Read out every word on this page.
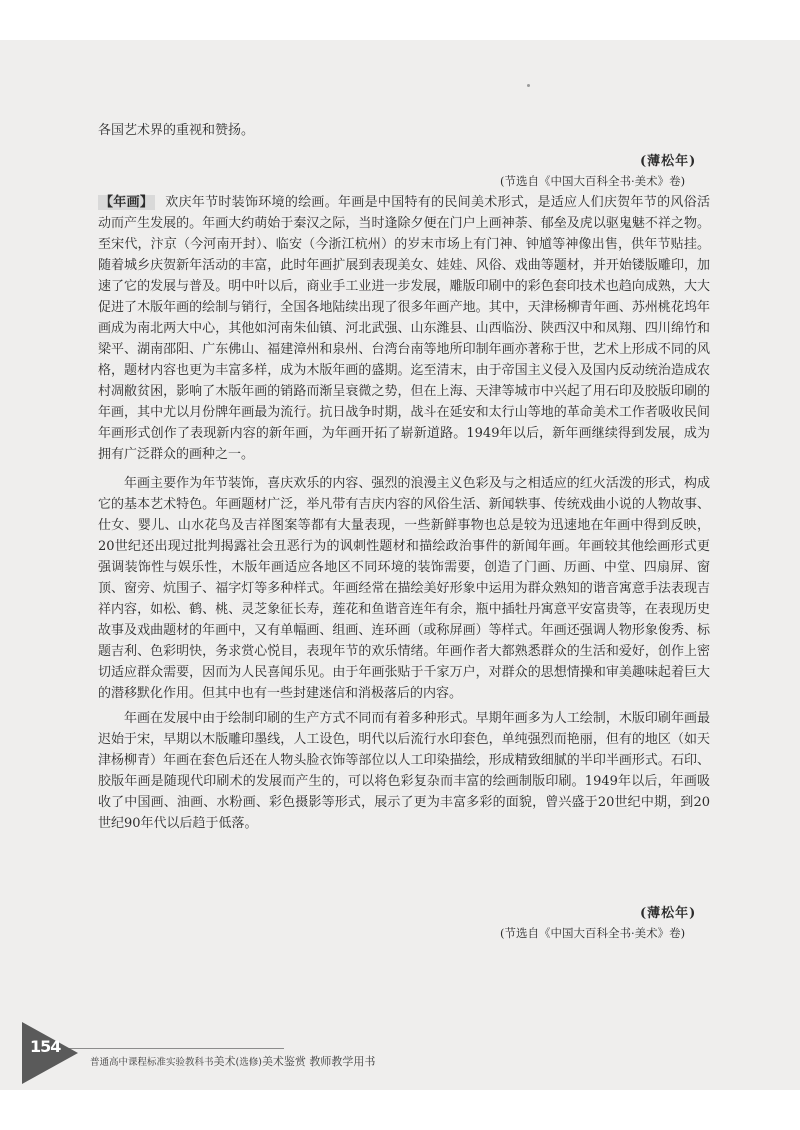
各国艺术界的重视和赞扬。

(薄松年)
(节选自《中国大百科全书·美术》卷)

【年画】 欢庆年节时装饰环境的绘画。年画是中国特有的民间美术形式，是适应人们庆贺年节的风俗活动而产生发展的。年画大约萌始于秦汉之际，当时逢除夕便在门户上画神荼、郁垒及虎以驱鬼魅不祥之物。至宋代，汴京（今河南开封）、临安（今浙江杭州）的岁末市场上有门神、钟馗等神像出售，供年节贴挂。随着城乡庆贺新年活动的丰富，此时年画扩展到表现美女、娃娃、风俗、戏曲等题材，并开始镂版雕印，加速了它的发展与普及。明中叶以后，商业手工业进一步发展，雕版印刷中的彩色套印技术也趋向成熟，大大促进了木版年画的绘制与销行，全国各地陆续出现了很多年画产地。其中，天津杨柳青年画、苏州桃花坞年画成为南北两大中心，其他如河南朱仙镇、河北武强、山东潍县、山西临汾、陕西汉中和凤翔、四川绵竹和梁平、湖南邵阳、广东佛山、福建漳州和泉州、台湾台南等地所印制年画亦著称于世，艺术上形成不同的风格，题材内容也更为丰富多样，成为木版年画的盛期。迄至清末，由于帝国主义侵入及国内反动统治造成农村凋敝贫困，影响了木版年画的销路而渐呈衰微之势，但在上海、天津等城市中兴起了用石印及胶版印刷的年画，其中尤以月份牌年画最为流行。抗日战争时期，战斗在延安和太行山等地的革命美术工作者吸收民间年画形式创作了表现新内容的新年画，为年画开拓了崭新道路。1949年以后，新年画继续得到发展，成为拥有广泛群众的画种之一。

年画主要作为年节装饰，喜庆欢乐的内容、强烈的浪漫主义色彩及与之相适应的红火活泼的形式，构成它的基本艺术特色。年画题材广泛，举凡带有吉庆内容的风俗生活、新闻轶事、传统戏曲小说的人物故事、仕女、婴儿、山水花鸟及吉祥图案等都有大量表现，一些新鲜事物也总是较为迅速地在年画中得到反映，20世纪还出现过批判揭露社会丑恶行为的讽刺性题材和描绘政治事件的新闻年画。年画较其他绘画形式更强调装饰性与娱乐性，木版年画适应各地区不同环境的装饰需要，创造了门画、历画、中堂、四扇屏、窗顶、窗旁、炕围子、福字灯等多种样式。年画经常在描绘美好形象中运用为群众熟知的谐音寓意手法表现吉祥内容，如松、鹤、桃、灵芝象征长寿，莲花和鱼谐音连年有余，瓶中插牡丹寓意平安富贵等，在表现历史故事及戏曲题材的年画中，又有单幅画、组画、连环画（或称屏画）等样式。年画还强调人物形象俊秀、标题吉利、色彩明快，务求赏心悦目，表现年节的欢乐情绪。年画作者大都熟悉群众的生活和爱好，创作上密切适应群众需要，因而为人民喜闻乐见。由于年画张贴于千家万户，对群众的思想情操和审美趣味起着巨大的潜移默化作用。但其中也有一些封建迷信和消极落后的内容。

年画在发展中由于绘制印刷的生产方式不同而有着多种形式。早期年画多为人工绘制，木版印刷年画最迟始于宋，早期以木版雕印墨线，人工设色，明代以后流行水印套色，单纯强烈而艳丽，但有的地区（如天津杨柳青）年画在套色后还在人物头脸衣饰等部位以人工印染描绘，形成精致细腻的半印半画形式。石印、胶版年画是随现代印刷术的发展而产生的，可以将色彩复杂而丰富的绘画制版印刷。1949年以后，年画吸收了中国画、油画、水粉画、彩色摄影等形式，展示了更为丰富多彩的面貌，曾兴盛于20世纪中期，到20世纪90年代以后趋于低落。

(薄松年)
(节选自《中国大百科全书·美术》卷)
154
普通高中课程标准实验教科书美术(选修)美术鉴赏 教师教学用书
